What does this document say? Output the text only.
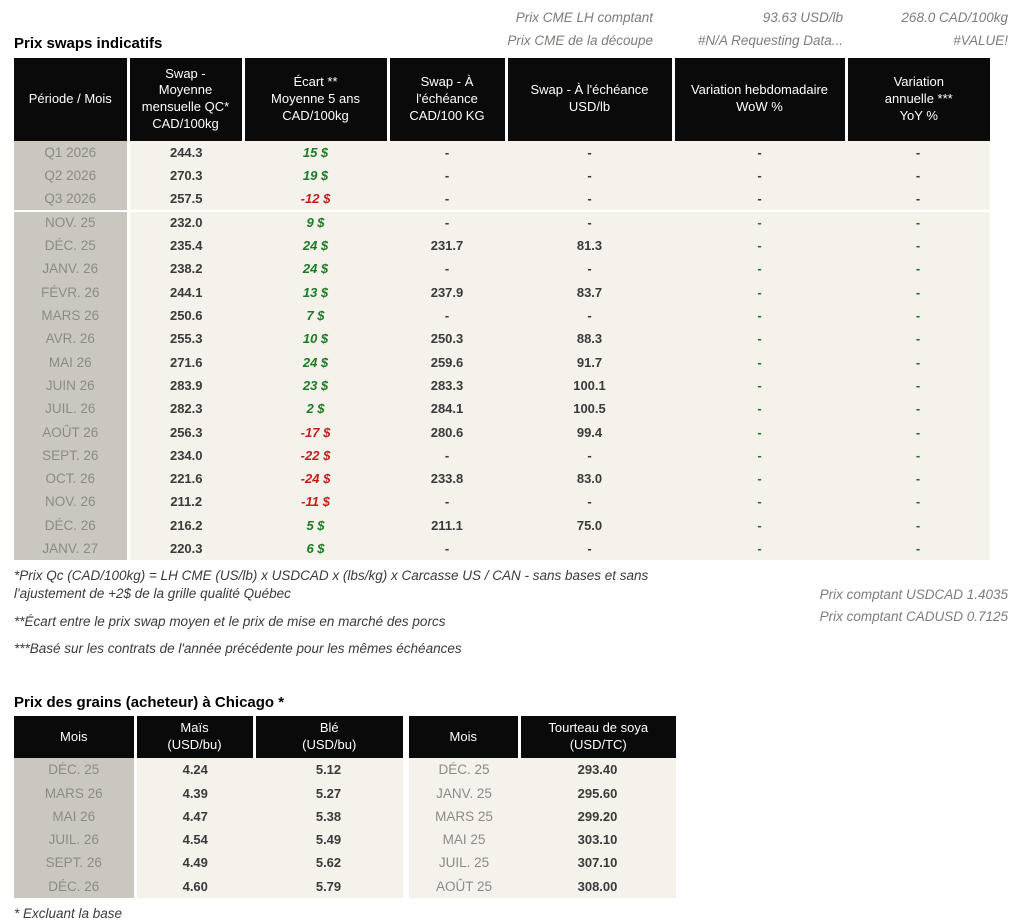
Prix CME LH comptant	93.63 USD/lb	268.0 CAD/100kg
Prix swaps indicatifs	Prix CME de la découpe	#N/A Requesting Data...	#VALUE!
Période / Mois

Swap -
Moyenne
mensuelle QC*
CAD/100kg

Écart **
Moyenne 5 ans
CAD/100kg

Swap - À
l'échéance
CAD/100 KG

Swap - À l'échéance
USD/lb

Variation hebdomadaire
WoW %

Variation
annuelle ***
YoY %

Q1 2026	244.3	15 $	-	-	-	-
Q2 2026	270.3	19 $	-	-	-	-
Q3 2026	257.5	-12 $	-	-	-	-
NOV. 25	232.0	9 $	-	-	-	-
DÉC. 25	235.4	24 $	231.7	81.3	-	-
JANV. 26	238.2	24 $	-	-	-	-
FÉVR. 26	244.1	13 $	237.9	83.7	-	-
MARS 26	250.6	7 $	-	-	-	-
AVR. 26	255.3	10 $	250.3	88.3	-	-
MAI 26	271.6	24 $	259.6	91.7	-	-
JUIN 26	283.9	23 $	283.3	100.1	-	-
JUIL. 26	282.3	2 $	284.1	100.5	-	-
AOÛT 26	256.3	-17 $	280.6	99.4	-	-
SEPT. 26	234.0	-22 $	-	-	-	-
OCT. 26	221.6	-24 $	233.8	83.0	-	-
NOV. 26	211.2	-11 $	-	-	-	-
DÉC. 26	216.2	5 $	211.1	75.0	-	-
JANV. 27	220.3	6 $	-	-	-	-

*Prix Qc (CAD/100kg) = LH CME (US/lb) x USDCAD x (lbs/kg) x Carcasse US / CAN - sans bases et sans l'ajustement de +2$ de la grille qualité Québec

**Écart entre le prix swap moyen et le prix de mise en marché des porcs

***Basé sur les contrats de l'année précédente pour les mêmes échéances

Prix comptant USDCAD 1.4035
Prix comptant CADUSD 0.7125
Prix des grains (acheteur) à Chicago *
Mois

Maïs
(USD/bu)

Blé
(USD/bu)

Mois

Tourteau de soya
(USD/TC)

DÉC. 25	4.24	5.12	DÉC. 25	293.40
MARS 26	4.39	5.27	JANV. 25	295.60
MAI 26	4.47	5.38	MARS 25	299.20
JUIL. 26	4.54	5.49	MAI 25	303.10
SEPT. 26	4.49	5.62	JUIL. 25	307.10
DÉC. 26	4.60	5.79	AOÛT 25	308.00
* Excluant la base
